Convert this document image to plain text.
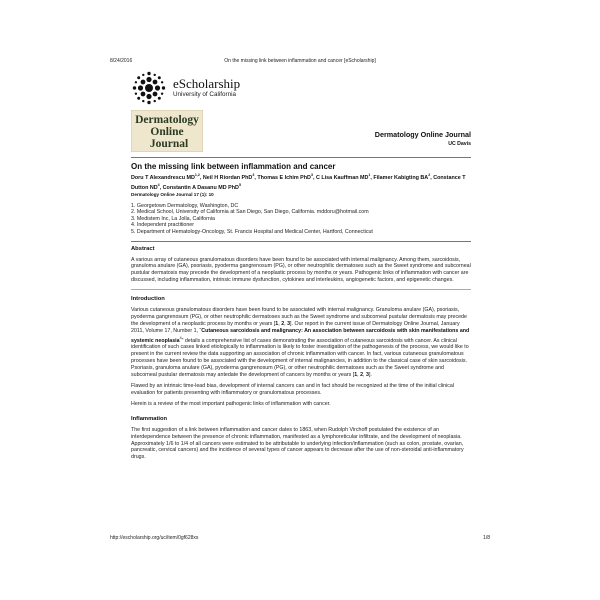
8/24/2016	On the missing link between inflammation and cancer [eScholarship]
eScholarship
University of California
Dermatology
Online
Journal
Dermatology Online Journal
UC Davis
On the missing link between inflammation and cancer
Doru T Alexandrescu MD$^{1,2}$, Neil H Riordan PhD$^3$, Thomas E Ichim PhD$^3$, C Lisa Kauffman $MD^1$, Filamer Kabigting $BA^2$, Constance T Dutton $ND^4$, Constantin A Dasanu MD PhD$^5$
Dermatology Online Journal 17 (1): 10
1. Georgetown Dermatology, Washington, DC
2. Medical School, University of California at San Diego, San Diego, California. mddoru@hotmail.com
3. Medistem Inc, La Jolla, California
4. Independent practitioner
5. Department of Hematology-Oncology, St. Francis Hospital and Medical Center, Hartford, Connecticut
Abstract

A various array of cutaneous granulomatous disorders have been found to be associated with internal malignancy. Among them, sarcoidosis, granuloma anulare (GA), psoriasis, pyoderma gangrenosum (PG), or other neutrophilic dermatoses such as the Sweet syndrome and subcorneal pustular dermatosis may precede the development of a neoplastic process by months or years. Pathogenic links of inflammation with cancer are discussed, including inflammation, intrinsic immune dysfunction, cytokines and interleukins, angiogenetic factors, and epigenetic changes.

Introduction

Various cutaneous granulomatous disorders have been found to be associated with internal malignancy. Granuloma anulare (GA), psoriasis, pyoderma gangrenosum (PG), or other neutrophilic dermatoses such as the Sweet syndrome and subcorneal pustular dermatosis may precede the development of a neoplastic process by months or years [1, 2, 3]. Our report in the current issue of Dermatology Online Journal, January 2011, Volume 17, Number 1, “Cutaneous sarcoidosis and malignancy: An association between sarcoidosis with skin manifestations and systemic neoplasia$^4$” details a comprehensive list of cases demonstrating the association of cutaneous sarcoidosis with cancer. As clinical identification of such cases linked etiologically to inflammation is likely to foster investigation of the pathogenesis of the process, we would like to present in the current review the data supporting an association of chronic inflammation with cancer. In fact, various cutaneous granulomatous processes have been found to be associated with the development of internal malignancies, in addition to the classical case of skin sarcoidosis. Psoriasis, granuloma anulare (GA), pyoderma gangrenosum (PG), or other neutrophilic dermatoses such as the Sweet syndrome and subcorneal pustular dermatosis may antedate the development of cancers by months or years [1, 2, 3].

Flawed by an intrinsic time-lead bias, development of internal cancers can and in fact should be recognized at the time of the initial clinical evaluation for patients presenting with inflammatory or granulomatous processes.

Herein is a review of the most important pathogenic links of inflammation with cancer.

Inflammation

The first suggestion of a link between inflammation and cancer dates to 1863, when Rudolph Virchoff postulated the existence of an interdependence between the presence of chronic inflammation, manifested as a lymphoreticular infiltrate, and the development of neoplasia. Approximately 1/6 to 1/4 of all cancers were estimated to be attributable to underlying infection/inflammation (such as colon, prostate, ovarian, pancreatic, cervical cancers) and the incidence of several types of cancer appears to decrease after the use of non-steroidal anti-inflammatory drugs.

http://escholarship.org/uc/item/0gf628xs	1/8
